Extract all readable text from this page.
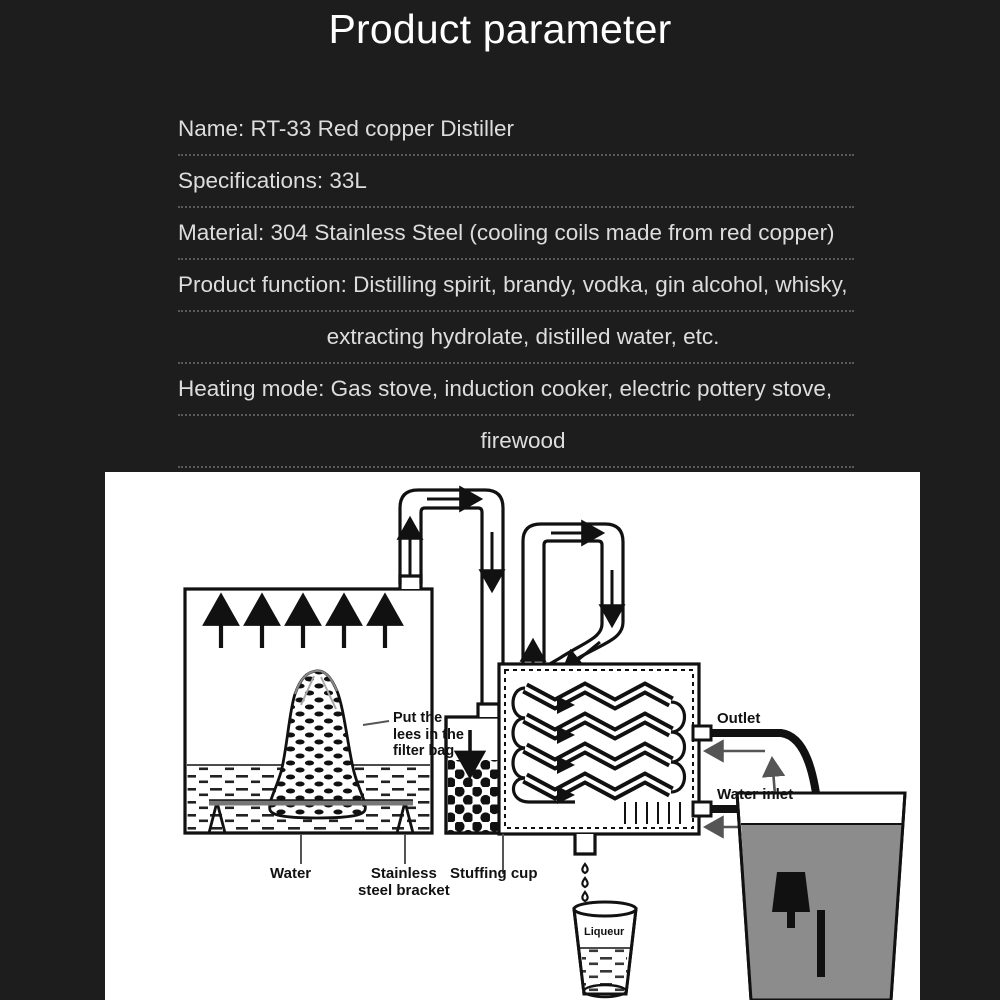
Product parameter
Name: RT-33 Red copper Distiller
Specifications: 33L
Material: 304 Stainless Steel (cooling coils made from red copper)
Product function: Distilling spirit, brandy, vodka, gin alcohol, whisky,
extracting hydrolate, distilled water, etc.
Heating mode: Gas stove, induction cooker, electric pottery stove,
firewood
Put the
lees in the
filter bag
Water	Stainless
steel bracket
Stuffing cup
Outlet
Water inlet
Liqueur
